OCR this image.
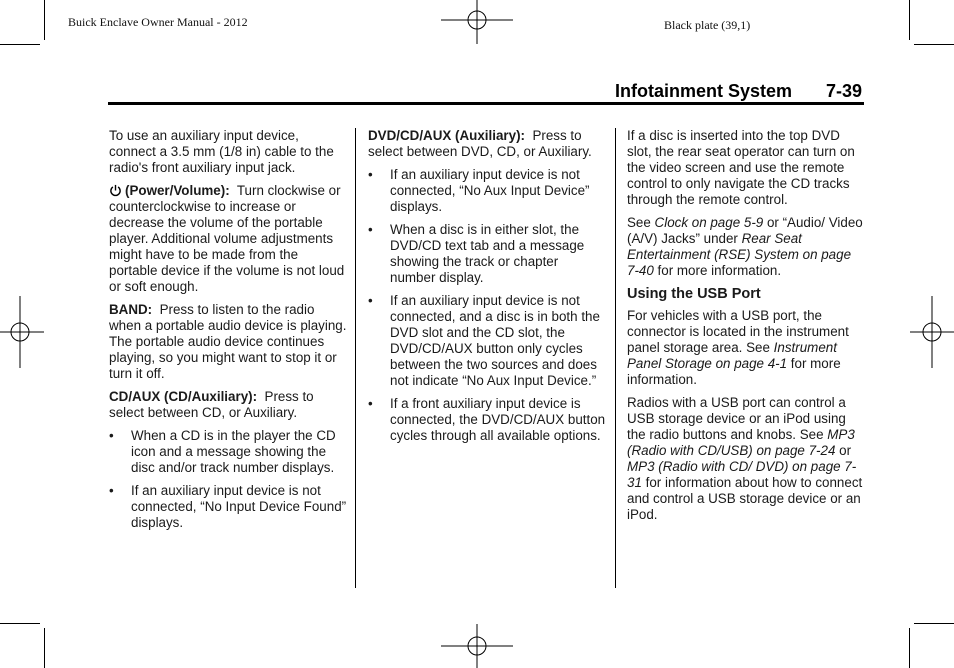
Buick Enclave Owner Manual - 2012	Black plate (39,1)
Infotainment System 7-39

To use an auxiliary input device, connect a 3.5 mm (1/8 in) cable to the radio's front auxiliary input jack.

(Power/Volume): Turn clockwise or counterclockwise to increase or decrease the volume of the portable player. Additional volume adjustments might have to be made from the portable device if the volume is not loud or soft enough.

BAND: Press to listen to the radio when a portable audio device is playing. The portable audio device continues playing, so you might want to stop it or turn it off.

CD/AUX (CD/Auxiliary): Press to select between CD, or Auxiliary.

• When a CD is in the player the CD icon and a message showing the disc and/or track number displays.
• If an auxiliary input device is not connected, “No Input Device Found” displays.

DVD/CD/AUX (Auxiliary): Press to select between DVD, CD, or Auxiliary.

• If an auxiliary input device is not connected, “No Aux Input Device” displays.
• When a disc is in either slot, the DVD/CD text tab and a message showing the track or chapter number display.
• If an auxiliary input device is not connected, and a disc is in both the DVD slot and the CD slot, the DVD/CD/AUX button only cycles between the two sources and does not indicate “No Aux Input Device.”
• If a front auxiliary input device is connected, the DVD/CD/AUX button cycles through all available options.

If a disc is inserted into the top DVD slot, the rear seat operator can turn on the video screen and use the remote control to only navigate the CD tracks through the remote control.

See Clock on page 5-9 or “Audio/ Video (A/V) Jacks” under Rear Seat Entertainment (RSE) System on page 7-40 for more information.

Using the USB Port

For vehicles with a USB port, the connector is located in the instrument panel storage area. See Instrument Panel Storage on page 4-1 for more information.

Radios with a USB port can control a USB storage device or an iPod using the radio buttons and knobs. See MP3 (Radio with CD/USB) on page 7-24 or MP3 (Radio with CD/ DVD) on page 7-31 for information about how to connect and control a USB storage device or an iPod.
